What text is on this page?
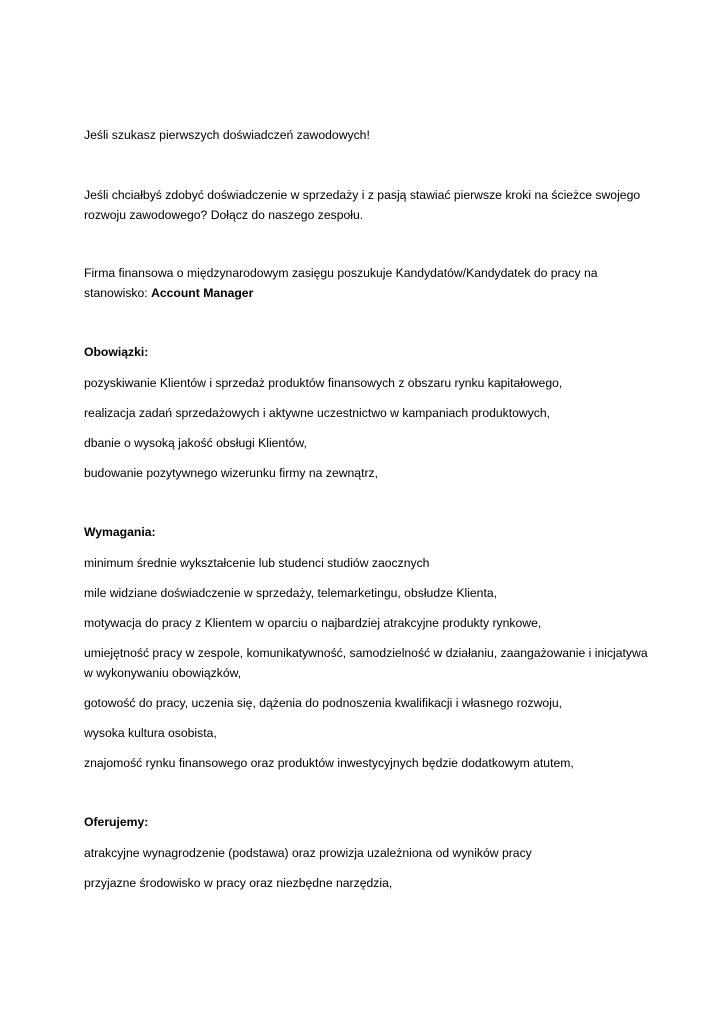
Jeśli szukasz pierwszych doświadczeń zawodowych!
Jeśli chciałbyś zdobyć doświadczenie w sprzedaży i z pasją stawiać pierwsze kroki na ścieżce swojego
rozwoju zawodowego? Dołącz do naszego zespołu.
Firma finansowa o międzynarodowym zasięgu poszukuje Kandydatów/Kandydatek do pracy na
stanowisko: Account Manager
Obowiązki:
pozyskiwanie Klientów i sprzedaż produktów finansowych z obszaru rynku kapitałowego,
realizacja zadań sprzedażowych i aktywne uczestnictwo w kampaniach produktowych,
dbanie o wysoką jakość obsługi Klientów,
budowanie pozytywnego wizerunku firmy na zewnątrz,
Wymagania:
minimum średnie wykształcenie lub studenci studiów zaocznych
mile widziane doświadczenie w sprzedaży, telemarketingu, obsłudze Klienta,
motywacja do pracy z Klientem w oparciu o najbardziej atrakcyjne produkty rynkowe,
umiejętność pracy w zespole, komunikatywność, samodzielność w działaniu, zaangażowanie i inicjatywa
w wykonywaniu obowiązków,
gotowość do pracy, uczenia się, dążenia do podnoszenia kwalifikacji i własnego rozwoju,
wysoka kultura osobista,
znajomość rynku finansowego oraz produktów inwestycyjnych będzie dodatkowym atutem,
Oferujemy:
atrakcyjne wynagrodzenie (podstawa) oraz prowizja uzależniona od wyników pracy
przyjazne środowisko w pracy oraz niezbędne narzędzia,
